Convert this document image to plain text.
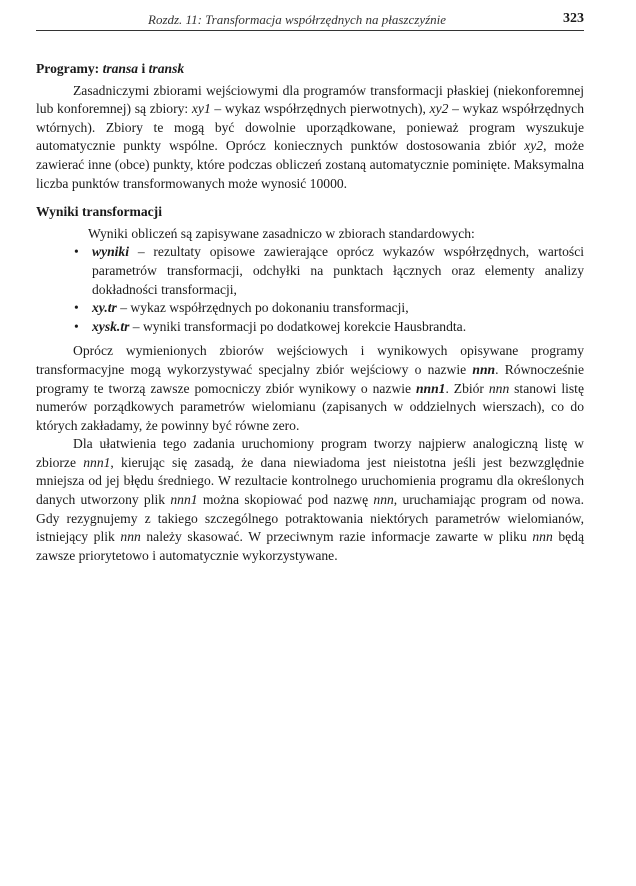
Rozdz. 11: Transformacja współrzędnych na płaszczyźnie	323
Programy: transa i transk

Zasadniczymi zbiorami wejściowymi dla programów transformacji płaskiej (niekonforemnej lub konforemnej) są zbiory: xy1 – wykaz współrzędnych pierwotnych), xy2 – wykaz współrzędnych wtórnych). Zbiory te mogą być dowolnie uporządkowane, ponieważ program wyszukuje automatycznie punkty wspólne. Oprócz koniecznych punktów dostosowania zbiór xy2, może zawierać inne (obce) punkty, które podczas obliczeń zostaną automatycznie pominięte. Maksymalna liczba punktów transformowanych może wynosić 10000.

Wyniki transformacji

Wyniki obliczeń są zapisywane zasadniczo w zbiorach standardowych:

• wyniki – rezultaty opisowe zawierające oprócz wykazów współrzędnych, wartości parametrów transformacji, odchyłki na punktach łącznych oraz elementy analizy dokładności transformacji,
• xy.tr – wykaz współrzędnych po dokonaniu transformacji,
• xysk.tr – wyniki transformacji po dodatkowej korekcie Hausbrandta.

Oprócz wymienionych zbiorów wejściowych i wynikowych opisywane programy transformacyjne mogą wykorzystywać specjalny zbiór wejściowy o nazwie nnn. Równocześnie programy te tworzą zawsze pomocniczy zbiór wynikowy o nazwie nnn1. Zbiór nnn stanowi listę numerów porządkowych parametrów wielomianu (zapisanych w oddzielnych wierszach), co do których zakładamy, że powinny być równe zero.

Dla ułatwienia tego zadania uruchomiony program tworzy najpierw analogiczną listę w zbiorze nnn1, kierując się zasadą, że dana niewiadoma jest nieistotna jeśli jest bezwzględnie mniejsza od jej błędu średniego. W rezultacie kontrolnego uruchomienia programu dla określonych danych utworzony plik nnn1 można skopiować pod nazwę nnn, uruchamiając program od nowa. Gdy rezygnujemy z takiego szczególnego potraktowania niektórych parametrów wielomianów, istniejący plik nnn należy skasować. W przeciwnym razie informacje zawarte w pliku nnn będą zawsze priorytetowo i automatycznie wykorzystywane.
